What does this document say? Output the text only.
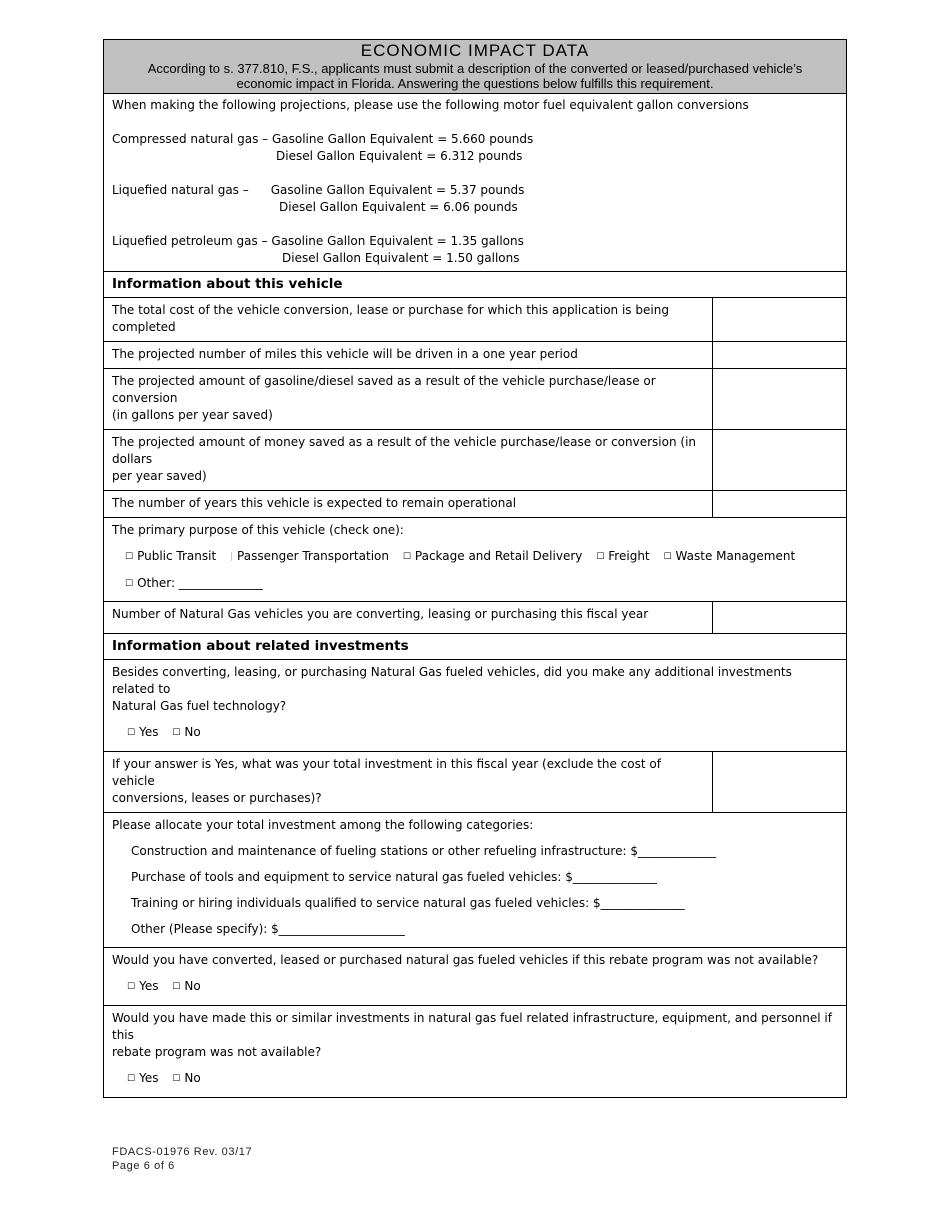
ECONOMIC IMPACT DATA
According to s. 377.810, F.S., applicants must submit a description of the converted or leased/purchased vehicle’s
economic impact in Florida. Answering the questions below fulfills this requirement.
When making the following projections, please use the following motor fuel equivalent gallon conversions
Compressed natural gas – Gasoline Gallon Equivalent = 5.660 pounds
Diesel Gallon Equivalent = 6.312 pounds
Liquefied natural gas – Gasoline Gallon Equivalent = 5.37 pounds
Diesel Gallon Equivalent = 6.06 pounds
Liquefied petroleum gas – Gasoline Gallon Equivalent = 1.35 gallons
Diesel Gallon Equivalent = 1.50 gallons
Information about this vehicle
The total cost of the vehicle conversion, lease or purchase for which this application is being completed
The projected number of miles this vehicle will be driven in a one year period
The projected amount of gasoline/diesel saved as a result of the vehicle purchase/lease or conversion
(in gallons per year saved)
The projected amount of money saved as a result of the vehicle purchase/lease or conversion (in dollars
per year saved)
The number of years this vehicle is expected to remain operational
The primary purpose of this vehicle (check one):
☐ Public Transit | Passenger Transportation ☐ Package and Retail Delivery ☐ Freight ☐ Waste Management
☐ Other: ______________
Number of Natural Gas vehicles you are converting, leasing or purchasing this fiscal year
Information about related investments
Besides converting, leasing, or purchasing Natural Gas fueled vehicles, did you make any additional investments related to
Natural Gas fuel technology?
☐ Yes ☐ No
If your answer is Yes, what was your total investment in this fiscal year (exclude the cost of vehicle
conversions, leases or purchases)?
Please allocate your total investment among the following categories:
Construction and maintenance of fueling stations or other refueling infrastructure: $_____________
Purchase of tools and equipment to service natural gas fueled vehicles: $______________
Training or hiring individuals qualified to service natural gas fueled vehicles: $______________
Other (Please specify): $_____________________
Would you have converted, leased or purchased natural gas fueled vehicles if this rebate program was not available?
☐ Yes ☐ No
Would you have made this or similar investments in natural gas fuel related infrastructure, equipment, and personnel if this
rebate program was not available?
☐ Yes ☐ No
FDACS-01976 Rev. 03/17
Page 6 of 6
